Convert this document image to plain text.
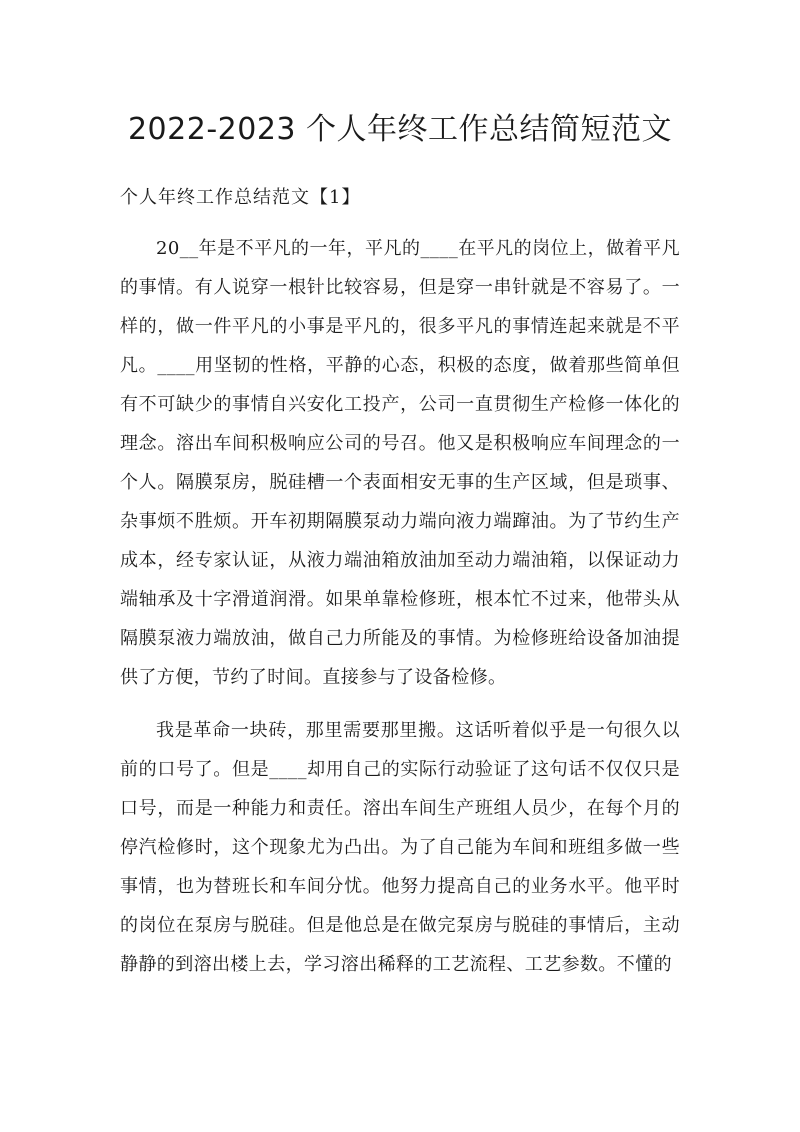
2022-2023 个人年终工作总结简短范文
个人年终工作总结范文【1】

20__年是不平凡的一年，平凡的____在平凡的岗位上，做着平凡的事情。有人说穿一根针比较容易，但是穿一串针就是不容易了。一样的，做一件平凡的小事是平凡的，很多平凡的事情连起来就是不平凡。____用坚韧的性格，平静的心态，积极的态度，做着那些简单但有不可缺少的事情自兴安化工投产，公司一直贯彻生产检修一体化的理念。溶出车间积极响应公司的号召。他又是积极响应车间理念的一个人。隔膜泵房，脱硅槽一个表面相安无事的生产区域，但是琐事、杂事烦不胜烦。开车初期隔膜泵动力端向液力端蹿油。为了节约生产成本，经专家认证，从液力端油箱放油加至动力端油箱，以保证动力端轴承及十字滑道润滑。如果单靠检修班，根本忙不过来，他带头从隔膜泵液力端放油，做自己力所能及的事情。为检修班给设备加油提供了方便，节约了时间。直接参与了设备检修。

我是革命一块砖，那里需要那里搬。这话听着似乎是一句很久以前的口号了。但是____却用自己的实际行动验证了这句话不仅仅只是口号，而是一种能力和责任。溶出车间生产班组人员少，在每个月的停汽检修时，这个现象尤为凸出。为了自己能为车间和班组多做一些事情，也为替班长和车间分忧。他努力提高自己的业务水平。他平时的岗位在泵房与脱硅。但是他总是在做完泵房与脱硅的事情后，主动静静的到溶出楼上去，学习溶出稀释的工艺流程、工艺参数。不懂的
